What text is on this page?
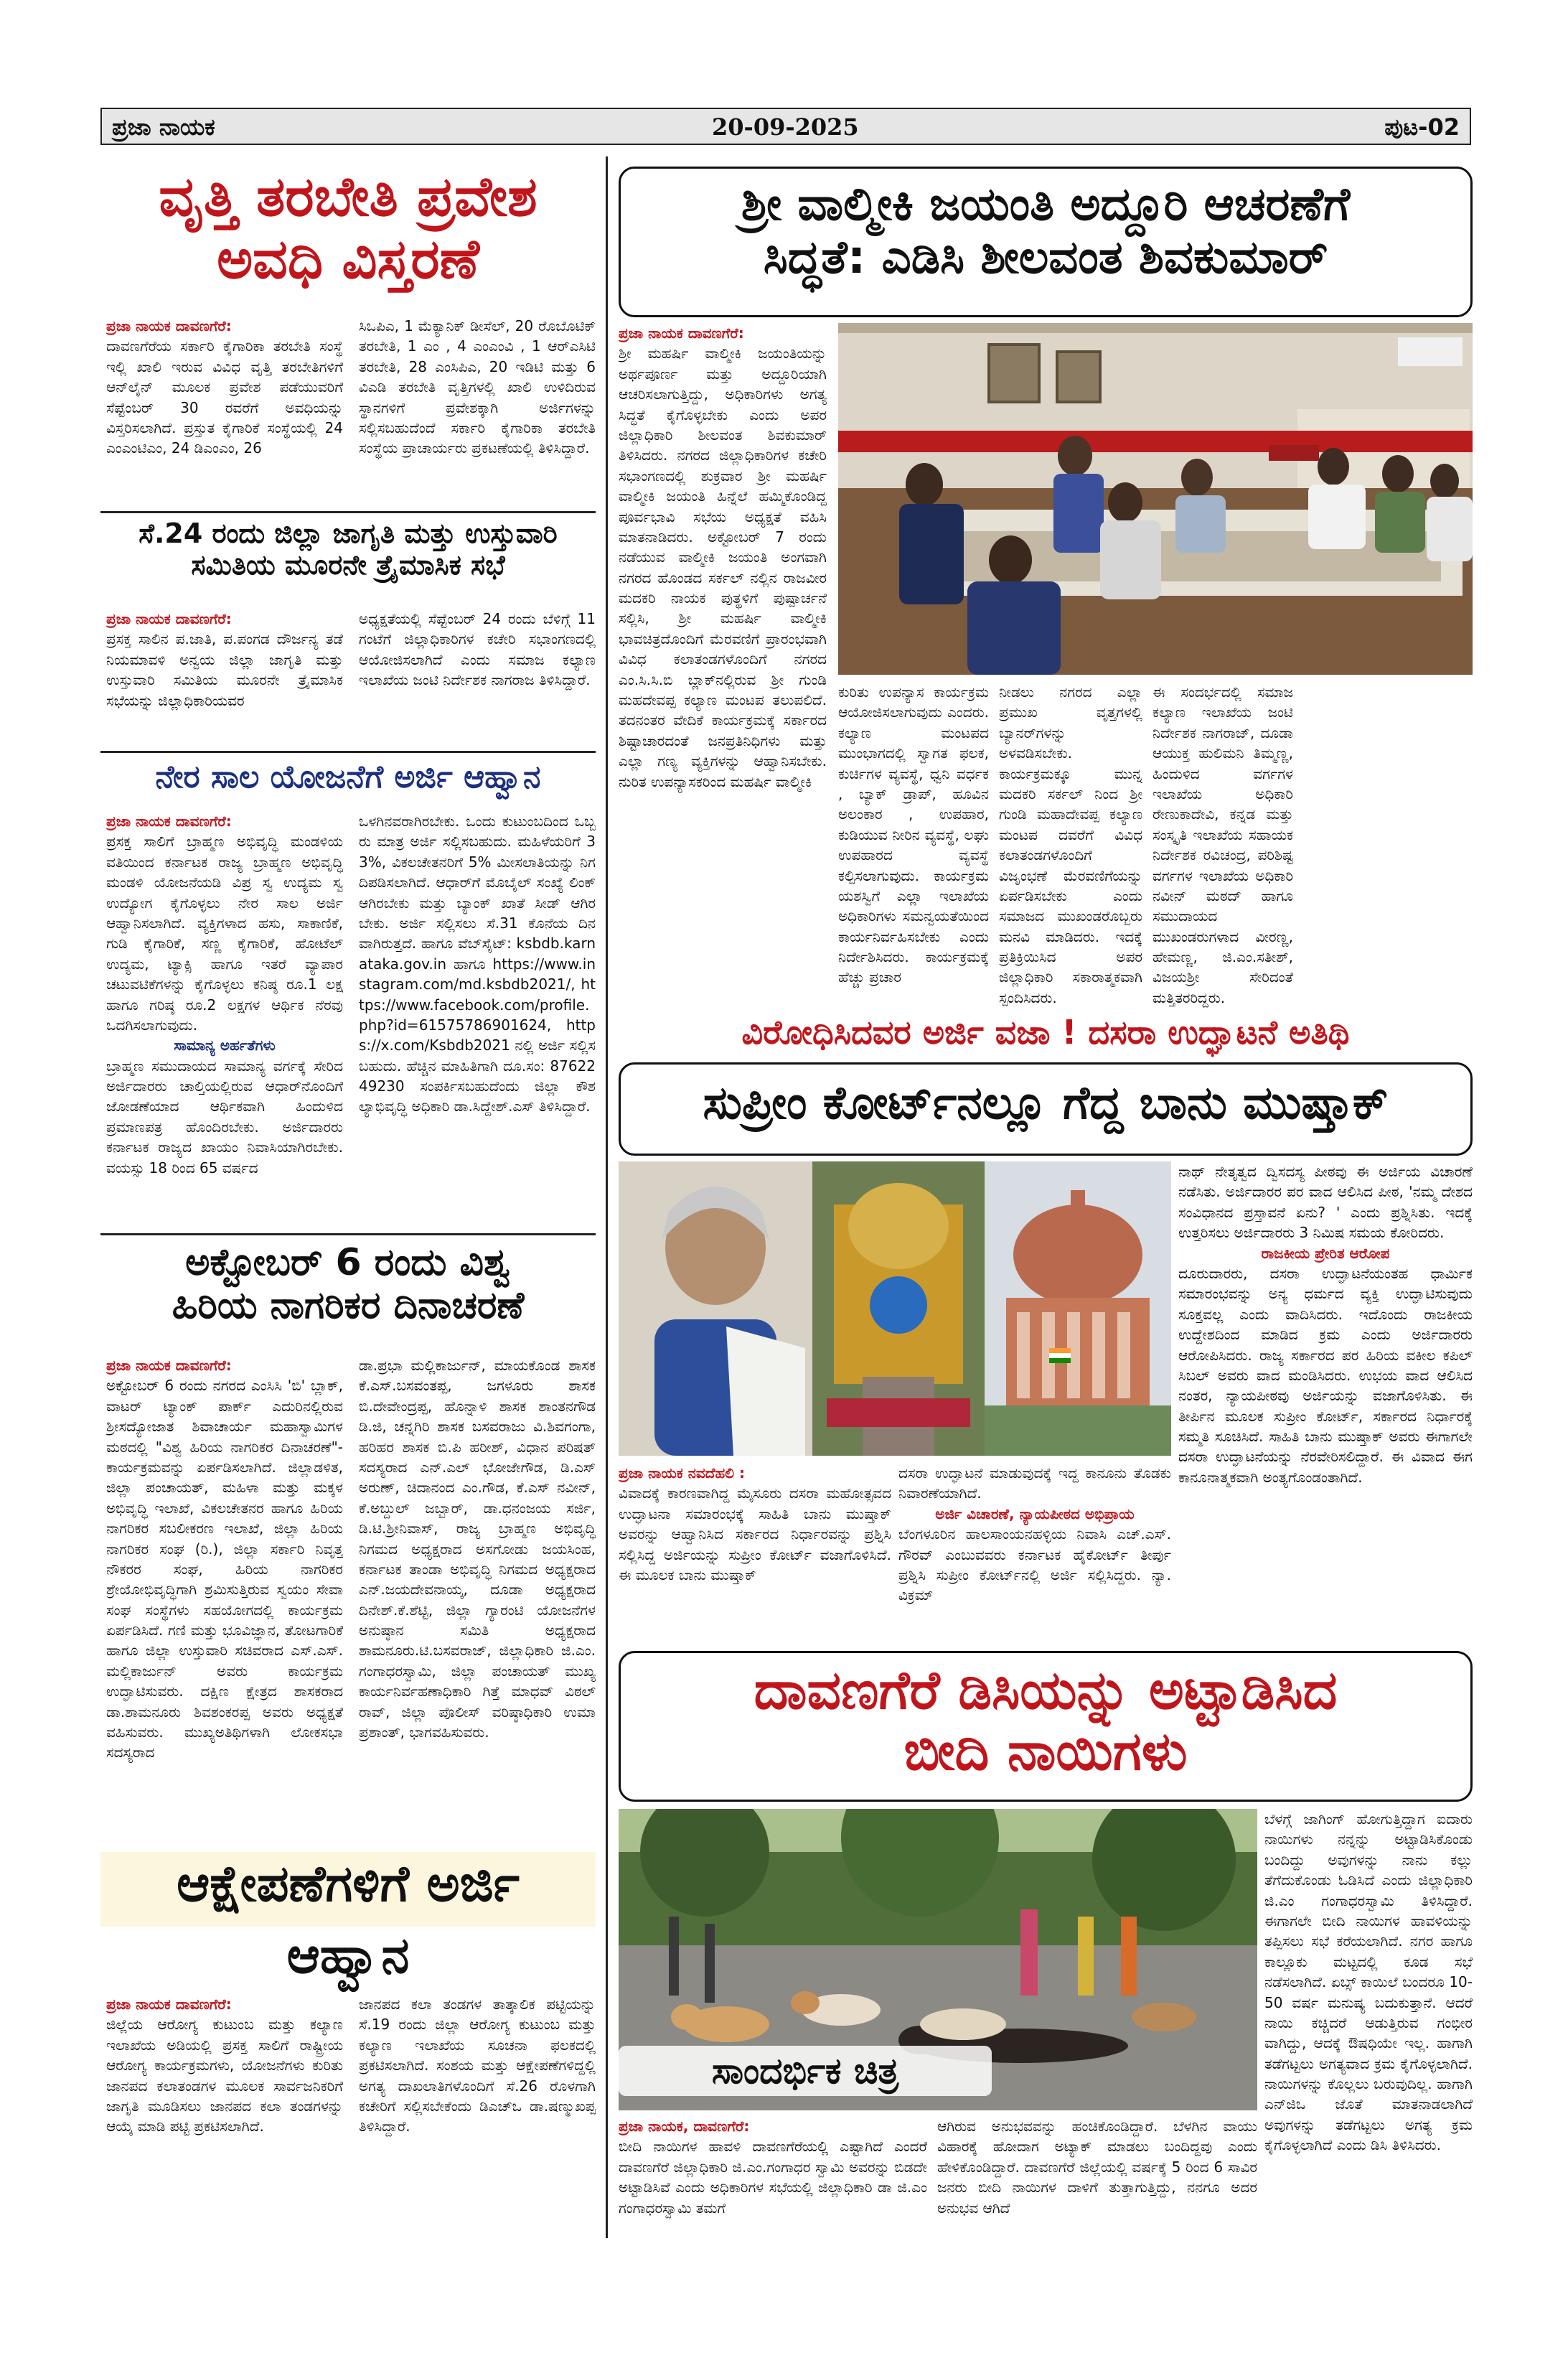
ಪ್ರಜಾ ನಾಯಕ	20-09-2025	ಪುಟ-02
ವೃತ್ತಿ ತರಬೇತಿ ಪ್ರವೇಶ
ಅವಧಿ ವಿಸ್ತರಣೆ
ಪ್ರಜಾ ನಾಯಕ ದಾವಣಗೆರೆ:

ದಾವಣಗೆರೆಯ ಸರ್ಕಾರಿ ಕೈಗಾರಿಕಾ ತರಬೇತಿ ಸಂಸ್ಥೆ ಇಲ್ಲಿ ಖಾಲಿ ಇರುವ ವಿವಿಧ ವೃತ್ತಿ ತರಬೇತಿಗಳಿಗೆ ಆನ್‌ಲೈನ್ ಮೂಲಕ ಪ್ರವೇಶ ಪಡೆಯುವರಿಗೆ ಸೆಪ್ಟೆಂಬರ್ 30 ರವರೆಗೆ ಅವಧಿಯನ್ನು ವಿಸ್ತರಿಸಲಾಗಿದೆ. ಪ್ರಸ್ತುತ ಕೈಗಾರಿಕೆ ಸಂಸ್ಥೆಯಲ್ಲಿ 24 ಎಂಎಂಟಿಎಂ, 24 ಡಿಎಂಎಂ, 26

ಸಿಒಪಿಎ, 1 ಮೆಕ್ಯಾನಿಕ್ ಡೀಸೆಲ್, 20 ರೊಬೊಟಿಕ್ ತರಬೇತಿ, 1 ಎಂ , 4 ಎಂಎಂವಿ , 1 ಆರ್‌ಎಸಿಟಿ ತರಬೇತಿ, 28 ಎಂಸಿಪಿಎ, 20 ಇಡಿಟಿ ಮತ್ತು 6 ವಿಎಡಿ ತರಬೇತಿ ವೃತ್ತಿಗಳಲ್ಲಿ ಖಾಲಿ ಉಳಿದಿರುವ ಸ್ಥಾನಗಳಿಗೆ ಪ್ರವೇಶಕ್ಕಾಗಿ ಅರ್ಜಿಗಳನ್ನು ಸಲ್ಲಿಸಬಹುದೆಂದೆ ಸರ್ಕಾರಿ ಕೈಗಾರಿಕಾ ತರಬೇತಿ ಸಂಸ್ಥೆಯ ಪ್ರಾಚಾರ್ಯರು ಪ್ರಕಟಣೆಯಲ್ಲಿ ತಿಳಿಸಿದ್ದಾರೆ.

ಸೆ.24 ರಂದು ಜಿಲ್ಲಾ ಜಾಗೃತಿ ಮತ್ತು ಉಸ್ತುವಾರಿ
ಸಮಿತಿಯ ಮೂರನೇ ತ್ರೈಮಾಸಿಕ ಸಭೆ
ಪ್ರಜಾ ನಾಯಕ ದಾವಣಗೆರೆ:

ಪ್ರಸಕ್ತ ಸಾಲಿನ ಪ.ಜಾತಿ, ಪ.ಪಂಗಡ ದೌರ್ಜನ್ಯ ತಡೆ ನಿಯಮಾವಳಿ ಅನ್ವಯ ಜಿಲ್ಲಾ ಜಾಗೃತಿ ಮತ್ತು ಉಸ್ತುವಾರಿ ಸಮಿತಿಯ ಮೂರನೇ ತ್ರೈಮಾಸಿಕ ಸಭೆಯನ್ನು ಜಿಲ್ಲಾಧಿಕಾರಿಯವರ

ಅಧ್ಯಕ್ಷತೆಯಲ್ಲಿ ಸೆಪ್ಟೆಂಬರ್ 24 ರಂದು ಬೆಳಿಗ್ಗೆ 11 ಗಂಟೆಗೆ ಜಿಲ್ಲಾಧಿಕಾರಿಗಳ ಕಚೇರಿ ಸಭಾಂಗಣದಲ್ಲಿ ಆಯೋಜಿಸಲಾಗಿದೆ ಎಂದು ಸಮಾಜ ಕಲ್ಯಾಣ ಇಲಾಖೆಯ ಜಂಟಿ ನಿರ್ದೇಶಕ ನಾಗರಾಜ ತಿಳಿಸಿದ್ದಾರೆ.

ನೇರ ಸಾಲ ಯೋಜನೆಗೆ ಅರ್ಜಿ ಆಹ್ವಾನ
ಪ್ರಜಾ ನಾಯಕ ದಾವಣಗೆರೆ:

ಪ್ರಸಕ್ತ ಸಾಲಿಗೆ ಬ್ರಾಹ್ಮಣ ಅಭಿವೃದ್ಧಿ ಮಂಡಳಿಯ ವತಿಯಿಂದ ಕರ್ನಾಟಕ ರಾಜ್ಯ ಬ್ರಾಹ್ಮಣ ಅಭಿವೃದ್ಧಿ ಮಂಡಳಿ ಯೋಜನೆಯಡಿ ವಿಪ್ರ ಸ್ವ ಉದ್ಯಮ ಸ್ವ ಉದ್ಯೋಗ ಕೈಗೊಳ್ಳಲು ನೇರ ಸಾಲ ಅರ್ಜಿ ಆಹ್ವಾನಿಸಲಾಗಿದೆ. ವ್ಯಕ್ತಿಗಳಾದ ಹಸು, ಸಾಕಾಣಿಕೆ, ಗುಡಿ ಕೈಗಾರಿಕೆ, ಸಣ್ಣ ಕೈಗಾರಿಕೆ, ಹೋಟೆಲ್ ಉದ್ಯಮ, ಟ್ಯಾಕ್ಸಿ ಹಾಗೂ ಇತರೆ ವ್ಯಾಪಾರ ಚಟುವಟಿಕೆಗಳನ್ನು ಕೈಗೊಳ್ಳಲು ಕನಿಷ್ಠ ರೂ.1 ಲಕ್ಷ ಹಾಗೂ ಗರಿಷ್ಠ ರೂ.2 ಲಕ್ಷಗಳ ಆರ್ಥಿಕ ನೆರವು ಒದಗಿಸಲಾಗುವುದು.

ಸಾಮಾನ್ಯ ಅರ್ಹತೆಗಳು

ಬ್ರಾಹ್ಮಣ ಸಮುದಾಯದ ಸಾಮಾನ್ಯ ವರ್ಗಕ್ಕೆ ಸೇರಿದ ಅರ್ಜಿದಾರರು ಚಾಲ್ತಿಯಲ್ಲಿರುವ ಆಧಾರ್‌ನೊಂದಿಗೆ ಜೋಡಣೆಯಾದ ಆರ್ಥಿಕವಾಗಿ ಹಿಂದುಳಿದ ಪ್ರಮಾಣಪತ್ರ ಹೊಂದಿರಬೇಕು. ಅರ್ಜಿದಾರರು ಕರ್ನಾಟಕ ರಾಜ್ಯದ ಖಾಯಂ ನಿವಾಸಿಯಾಗಿರಬೇಕು. ವಯಸ್ಸು 18 ರಿಂದ 65 ವರ್ಷದ

ಒಳಗಿನವರಾಗಿರಬೇಕು. ಒಂದು ಕುಟುಂಬದಿಂದ ಒಬ್ಬರು ಮಾತ್ರ ಅರ್ಜಿ ಸಲ್ಲಿಸಬಹುದು. ಮಹಿಳೆಯರಿಗೆ 33%, ವಿಕಲಚೇತನರಿಗೆ 5% ಮೀಸಲಾತಿಯನ್ನು ನಿಗದಿಪಡಿಸಲಾಗಿದೆ. ಆಧಾರ್‌ಗೆ ಮೊಬೈಲ್ ಸಂಖ್ಯೆ ಲಿಂಕ್ ಆಗಿರಬೇಕು ಮತ್ತು ಬ್ಯಾಂಕ್ ಖಾತೆ ಸೀಡ್ ಆಗಿರಬೇಕು. ಅರ್ಜಿ ಸಲ್ಲಿಸಲು ಸೆ.31 ಕೊನೆಯ ದಿನವಾಗಿರುತ್ತದೆ. ಹಾಗೂ ವೆಬ್‌ಸೈಟ್: ksbdb.karnataka.gov.in ಹಾಗೂ https://www.instagram.com/md.ksbdb2021/, https://www.facebook.com/profile.php?id=61575786901624, https://x.com/Ksbdb2021 ನಲ್ಲಿ ಅರ್ಜಿ ಸಲ್ಲಿಸಬಹುದು. ಹೆಚ್ಚಿನ ಮಾಹಿತಿಗಾಗಿ ದೂ.ಸಂ: 8762249230 ಸಂಪರ್ಕಿಸಬಹುದೆಂದು ಜಿಲ್ಲಾ ಕೌಶಲ್ಯಾಭಿವೃದ್ಧಿ ಅಧಿಕಾರಿ ಡಾ.ಸಿದ್ದೇಶ್.ಎಸ್ ತಿಳಿಸಿದ್ದಾರೆ.

ಅಕ್ಟೋಬರ್ 6 ರಂದು ವಿಶ್ವ
ಹಿರಿಯ ನಾಗರಿಕರ ದಿನಾಚರಣೆ
ಪ್ರಜಾ ನಾಯಕ ದಾವಣಗೆರೆ:

ಅಕ್ಟೋಬರ್ 6 ರಂದು ನಗರದ ಎಂಸಿಸಿ 'ಬಿ' ಬ್ಲಾಕ್, ವಾಟರ್ ಟ್ಯಾಂಕ್ ಪಾರ್ಕ್ ಎದುರಿನಲ್ಲಿರುವ ಶ್ರೀಸದ್ಯೋಜಾತ ಶಿವಾಚಾರ್ಯ ಮಹಾಸ್ವಾಮಿಗಳ ಮಠದಲ್ಲಿ "ವಿಶ್ವ ಹಿರಿಯ ನಾಗರಿಕರ ದಿನಾಚರಣೆ"- ಕಾರ್ಯಕ್ರಮವನ್ನು ಏರ್ಪಡಿಸಲಾಗಿದೆ. ಜಿಲ್ಲಾಡಳಿತ, ಜಿಲ್ಲಾ ಪಂಚಾಯತ್, ಮಹಿಳಾ ಮತ್ತು ಮಕ್ಕಳ ಅಭಿವೃದ್ಧಿ ಇಲಾಖೆ, ವಿಕಲಚೇತನರ ಹಾಗೂ ಹಿರಿಯ ನಾಗರಿಕರ ಸಬಲೀಕರಣ ಇಲಾಖೆ, ಜಿಲ್ಲಾ ಹಿರಿಯ ನಾಗರಿಕರ ಸಂಘ (ರಿ.), ಜಿಲ್ಲಾ ಸರ್ಕಾರಿ ನಿವೃತ್ತ ನೌಕರರ ಸಂಘ, ಹಿರಿಯ ನಾಗರಿಕರ ಶ್ರೇಯೋಭಿವೃದ್ಧಿಗಾಗಿ ಶ್ರಮಿಸುತ್ತಿರುವ ಸ್ವಯಂ ಸೇವಾ ಸಂಘ ಸಂಸ್ಥೆಗಳು ಸಹಯೋಗದಲ್ಲಿ ಕಾರ್ಯಕ್ರಮ ಏರ್ಪಡಿಸಿದೆ. ಗಣಿ ಮತ್ತು ಭೂವಿಜ್ಞಾನ, ತೋಟಗಾರಿಕೆ ಹಾಗೂ ಜಿಲ್ಲಾ ಉಸ್ತುವಾರಿ ಸಚಿವರಾದ ಎಸ್.ಎಸ್. ಮಲ್ಲಿಕಾರ್ಜುನ್ ಅವರು ಕಾರ್ಯಕ್ರಮ ಉದ್ಘಾಟಿಸುವರು. ದಕ್ಷಿಣ ಕ್ಷೇತ್ರದ ಶಾಸಕರಾದ ಡಾ.ಶಾಮನೂರು ಶಿವಶಂಕರಪ್ಪ ಅವರು ಅಧ್ಯಕ್ಷತೆ ವಹಿಸುವರು. ಮುಖ್ಯಅತಿಥಿಗಳಾಗಿ ಲೋಕಸಭಾ ಸದಸ್ಯರಾದ

ಡಾ.ಪ್ರಭಾ ಮಲ್ಲಿಕಾರ್ಜುನ್, ಮಾಯಕೊಂಡ ಶಾಸಕ ಕೆ.ಎಸ್.ಬಸವಂತಪ್ಪ, ಜಗಳೂರು ಶಾಸಕ ಬಿ.ದೇವೇಂದ್ರಪ್ಪ, ಹೊನ್ನಾಳಿ ಶಾಸಕ ಶಾಂತನಗೌಡ ಡಿ.ಜಿ, ಚನ್ನಗಿರಿ ಶಾಸಕ ಬಸವರಾಜು ವಿ.ಶಿವಗಂಗಾ, ಹರಿಹರ ಶಾಸಕ ಬಿ.ಪಿ ಹರೀಶ್, ವಿಧಾನ ಪರಿಷತ್ ಸದಸ್ಯರಾದ ಎನ್.ಎಲ್ ಭೋಜೇಗೌಡ, ಡಿ.ಎಸ್ ಅರುಣ್, ಚಿದಾನಂದ ಎಂ.ಗೌಡ, ಕೆ.ಎಸ್ ನವೀನ್, ಕೆ.ಅಬ್ದುಲ್ ಜಬ್ಬಾರ್, ಡಾ.ಧನಂಜಯ ಸರ್ಜಿ, ಡಿ.ಟಿ.ಶ್ರೀನಿವಾಸ್, ರಾಜ್ಯ ಬ್ರಾಹ್ಮಣ ಅಭಿವೃದ್ಧಿ ನಿಗಮದ ಅಧ್ಯಕ್ಷರಾದ ಅಸಗೋಡು ಜಯಸಿಂಹ, ಕರ್ನಾಟಕ ತಾಂಡಾ ಅಭಿವೃದ್ಧಿ ನಿಗಮದ ಅಧ್ಯಕ್ಷರಾದ ಎನ್.ಜಯದೇವನಾಯ್ಕ, ದೂಡಾ ಅಧ್ಯಕ್ಷರಾದ ದಿನೇಶ್.ಕೆ.ಶೆಟ್ಟಿ, ಜಿಲ್ಲಾ ಗ್ಯಾರಂಟಿ ಯೋಜನೆಗಳ ಅನುಷ್ಠಾನ ಸಮಿತಿ ಅಧ್ಯಕ್ಷರಾದ ಶಾಮನೂರು.ಟಿ.ಬಸವರಾಜ್, ಜಿಲ್ಲಾಧಿಕಾರಿ ಜಿ.ಎಂ. ಗಂಗಾಧರಸ್ವಾಮಿ, ಜಿಲ್ಲಾ ಪಂಚಾಯತ್ ಮುಖ್ಯ ಕಾರ್ಯನಿರ್ವಹಣಾಧಿಕಾರಿ ಗಿತ್ತೆ ಮಾಧವ್ ವಿಠಲ್ ರಾವ್, ಜಿಲ್ಲಾ ಪೊಲೀಸ್ ವರಿಷ್ಠಾಧಿಕಾರಿ ಉಮಾ ಪ್ರಶಾಂತ್, ಭಾಗವಹಿಸುವರು.

ಆಕ್ಷೇಪಣೆಗಳಿಗೆ ಅರ್ಜಿ
ಆಹ್ವಾನ
ಪ್ರಜಾ ನಾಯಕ ದಾವಣಗೆರೆ:

ಜಿಲ್ಲೆಯ ಆರೋಗ್ಯ ಕುಟುಂಬ ಮತ್ತು ಕಲ್ಯಾಣ ಇಲಾಖೆಯ ಅಡಿಯಲ್ಲಿ ಪ್ರಸಕ್ತ ಸಾಲಿಗೆ ರಾಷ್ಟ್ರೀಯ ಆರೋಗ್ಯ ಕಾರ್ಯಕ್ರಮಗಳು, ಯೋಜನೆಗಳು ಕುರಿತು ಜಾನಪದ ಕಲಾತಂಡಗಳ ಮೂಲಕ ಸಾರ್ವಜನಿಕರಿಗೆ ಜಾಗೃತಿ ಮೂಡಿಸಲು ಜಾನಪದ ಕಲಾ ತಂಡಗಳನ್ನು ಆಯ್ಕೆ ಮಾಡಿ ಪಟ್ಟಿ ಪ್ರಕಟಿಸಲಾಗಿದೆ.

ಜಾನಪದ ಕಲಾ ತಂಡಗಳ ತಾತ್ಕಾಲಿಕ ಪಟ್ಟಿಯನ್ನು ಸೆ.19 ರಂದು ಜಿಲ್ಲಾ ಆರೋಗ್ಯ ಕುಟುಂಬ ಮತ್ತು ಕಲ್ಯಾಣ ಇಲಾಖೆಯ ಸೂಚನಾ ಫಲಕದಲ್ಲಿ ಪ್ರಕಟಿಸಲಾಗಿದೆ. ಸಂಶಯ ಮತ್ತು ಆಕ್ಷೇಪಣೆಗಳಿದ್ದಲ್ಲಿ ಅಗತ್ಯ ದಾಖಲಾತಿಗಳೊಂದಿಗೆ ಸೆ.26 ರೊಳಗಾಗಿ ಕಚೇರಿಗೆ ಸಲ್ಲಿಸಬೇಕೆಂದು ಡಿಎಚ್‌ಒ ಡಾ.ಷಣ್ಮುಖಪ್ಪ ತಿಳಿಸಿದ್ದಾರೆ.

ಶ್ರೀ ವಾಲ್ಮೀಕಿ ಜಯಂತಿ ಅದ್ದೂರಿ ಆಚರಣೆಗೆ
ಸಿದ್ಧತೆ: ಎಡಿಸಿ ಶೀಲವಂತ ಶಿವಕುಮಾರ್
ಪ್ರಜಾ ನಾಯಕ ದಾವಣಗೆರೆ:

ಶ್ರೀ ಮಹರ್ಷಿ ವಾಲ್ಮೀಕಿ ಜಯಂತಿಯನ್ನು ಅರ್ಥಪೂರ್ಣ ಮತ್ತು ಅದ್ದೂರಿಯಾಗಿ ಆಚರಿಸಲಾಗುತ್ತಿದ್ದು, ಅಧಿಕಾರಿಗಳು ಅಗತ್ಯ ಸಿದ್ಧತೆ ಕೈಗೊಳ್ಳಬೇಕು ಎಂದು ಅಪರ ಜಿಲ್ಲಾಧಿಕಾರಿ ಶೀಲವಂತ ಶಿವಕುಮಾರ್ ತಿಳಿಸಿದರು. ನಗರದ ಜಿಲ್ಲಾಧಿಕಾರಿಗಳ ಕಚೇರಿ ಸಭಾಂಗಣದಲ್ಲಿ ಶುಕ್ರವಾರ ಶ್ರೀ ಮಹರ್ಷಿ ವಾಲ್ಮೀಕಿ ಜಯಂತಿ ಹಿನ್ನೆಲೆ ಹಮ್ಮಿಕೊಂಡಿದ್ದ ಪೂರ್ವಭಾವಿ ಸಭೆಯ ಅಧ್ಯಕ್ಷತೆ ವಹಿಸಿ ಮಾತನಾಡಿದರು. ಅಕ್ಟೋಬರ್ 7 ರಂದು ನಡೆಯುವ ವಾಲ್ಮೀಕಿ ಜಯಂತಿ ಅಂಗವಾಗಿ ನಗರದ ಹೊಂಡದ ಸರ್ಕಲ್ ನಲ್ಲಿನ ರಾಜವೀರ ಮದಕರಿ ನಾಯಕ ಪುತ್ಥಳಿಗೆ ಪುಷ್ಪಾರ್ಚನೆ ಸಲ್ಲಿಸಿ, ಶ್ರೀ ಮಹರ್ಷಿ ವಾಲ್ಮೀಕಿ ಭಾವಚಿತ್ರದೊಂದಿಗೆ ಮೆರವಣಿಗೆ ಪ್ರಾರಂಭವಾಗಿ ವಿವಿಧ ಕಲಾತಂಡಗಳೊಂದಿಗೆ ನಗರದ ಎಂ.ಸಿ.ಸಿ.ಬಿ ಬ್ಲಾಕ್‌ನಲ್ಲಿರುವ ಶ್ರೀ ಗುಂಡಿ ಮಹದೇವಪ್ಪ ಕಲ್ಯಾಣ ಮಂಟಪ ತಲುಪಲಿದೆ. ತದನಂತರ ವೇದಿಕೆ ಕಾರ್ಯಕ್ರಮಕ್ಕೆ ಸರ್ಕಾರದ ಶಿಷ್ಟಾಚಾರದಂತೆ ಜನಪ್ರತಿನಿಧಿಗಳು ಮತ್ತು ಎಲ್ಲಾ ಗಣ್ಯ ವ್ಯಕ್ತಿಗಳನ್ನು ಆಹ್ವಾನಿಸಬೇಕು. ನುರಿತ ಉಪನ್ಯಾಸಕರಿಂದ ಮಹರ್ಷಿ ವಾಲ್ಮೀಕಿ

ಕುರಿತು ಉಪನ್ಯಾಸ ಕಾರ್ಯಕ್ರಮ ಆಯೋಜಿಸಲಾಗುವುದು ಎಂದರು. ಕಲ್ಯಾಣ ಮಂಟಪದ ಮುಂಭಾಗದಲ್ಲಿ ಸ್ವಾಗತ ಫಲಕ, ಕುರ್ಚಿಗಳ ವ್ಯವಸ್ಥೆ, ಧ್ವನಿ ವರ್ಧಕ , ಬ್ಯಾಕ್ ಡ್ರಾಪ್, ಹೂವಿನ ಅಲಂಕಾರ , ಉಪಹಾರ, ಕುಡಿಯುವ ನೀರಿನ ವ್ಯವಸ್ಥೆ, ಲಘು ಉಪಹಾರದ ವ್ಯವಸ್ಥೆ ಕಲ್ಪಿಸಲಾಗುವುದು. ಕಾರ್ಯಕ್ರಮ ಯಶಸ್ವಿಗೆ ಎಲ್ಲಾ ಇಲಾಖೆಯ ಅಧಿಕಾರಿಗಳು ಸಮನ್ವಯತೆಯಿಂದ ಕಾರ್ಯನಿರ್ವಹಿಸಬೇಕು ಎಂದು ನಿರ್ದೇಶಿಸಿದರು. ಕಾರ್ಯಕ್ರಮಕ್ಕೆ ಹೆಚ್ಚು ಪ್ರಚಾರ

ನೀಡಲು ನಗರದ ಎಲ್ಲಾ ಪ್ರಮುಖ ವೃತ್ತಗಳಲ್ಲಿ ಬ್ಯಾನರ್‌ಗಳನ್ನು ಅಳವಡಿಸಬೇಕು. ಕಾರ್ಯಕ್ರಮಕ್ಕೂ ಮುನ್ನ ಮದಕರಿ ಸರ್ಕಲ್ ನಿಂದ ಶ್ರೀ ಗುಂಡಿ ಮಹಾದೇವಪ್ಪ ಕಲ್ಯಾಣ ಮಂಟಪ ದವರೆಗೆ ವಿವಿಧ ಕಲಾತಂಡಗಳೊಂದಿಗೆ ವಿಜೃಂಭಣೆ ಮೆರವಣಿಗೆಯನ್ನು ಏರ್ಪಡಿಸಬೇಕು ಎಂದು ಸಮಾಜದ ಮುಖಂಡರೊಬ್ಬರು ಮನವಿ ಮಾಡಿದರು. ಇದಕ್ಕೆ ಪ್ರತಿಕ್ರಿಯಿಸಿದ ಅಪರ ಜಿಲ್ಲಾಧಿಕಾರಿ ಸಕಾರಾತ್ಮಕವಾಗಿ ಸ್ಪಂದಿಸಿದರು.

ಈ ಸಂದರ್ಭದಲ್ಲಿ ಸಮಾಜ ಕಲ್ಯಾಣ ಇಲಾಖೆಯ ಜಂಟಿ ನಿರ್ದೇಶಕ ನಾಗರಾಜ್, ದೂಡಾ ಆಯುಕ್ತ ಹುಲಿಮನಿ ತಿಮ್ಮಣ್ಣ, ಹಿಂದುಳಿದ ವರ್ಗಗಳ ಇಲಾಖೆಯ ಅಧಿಕಾರಿ ರೇಣುಕಾದೇವಿ, ಕನ್ನಡ ಮತ್ತು ಸಂಸ್ಕೃತಿ ಇಲಾಖೆಯ ಸಹಾಯಕ ನಿರ್ದೇಶಕ ರವಿಚಂದ್ರ, ಪರಿಶಿಷ್ಟ ವರ್ಗಗಳ ಇಲಾಖೆಯ ಅಧಿಕಾರಿ ನವೀನ್ ಮಠದ್ ಹಾಗೂ ಸಮುದಾಯದ ಮುಖಂಡರುಗಳಾದ ವೀರಣ್ಣ, ಹೇಮಣ್ಣ, ಜಿ.ಎಂ.ಸತೀಶ್, ವಿಜಯಶ್ರೀ ಸೇರಿದಂತೆ ಮತ್ತಿತರರಿದ್ದರು.

ವಿರೋಧಿಸಿದವರ ಅರ್ಜಿ ವಜಾ ! ದಸರಾ ಉದ್ಘಾಟನೆ ಅತಿಥಿ
ಸುಪ್ರೀಂ ಕೋರ್ಟ್‌ನಲ್ಲೂ ಗೆದ್ದ ಬಾನು ಮುಷ್ತಾಕ್
ಪ್ರಜಾ ನಾಯಕ ನವದೆಹಲಿ :

ವಿವಾದಕ್ಕೆ ಕಾರಣವಾಗಿದ್ದ ಮೈಸೂರು ದಸರಾ ಮಹೋತ್ಸವದ ಉದ್ಘಾಟನಾ ಸಮಾರಂಭಕ್ಕೆ ಸಾಹಿತಿ ಬಾನು ಮುಷ್ತಾಕ್ ಅವರನ್ನು ಆಹ್ವಾನಿಸಿದ ಸರ್ಕಾರದ ನಿರ್ಧಾರವನ್ನು ಪ್ರಶ್ನಿಸಿ ಸಲ್ಲಿಸಿದ್ದ ಅರ್ಜಿಯನ್ನು ಸುಪ್ರೀಂ ಕೋರ್ಟ್ ವಜಾಗೊಳಿಸಿದೆ. ಈ ಮೂಲಕ ಬಾನು ಮುಷ್ತಾಕ್

ದಸರಾ ಉದ್ಘಾಟನೆ ಮಾಡುವುದಕ್ಕೆ ಇದ್ದ ಕಾನೂನು ತೊಡಕು ನಿವಾರಣೆಯಾಗಿದೆ.

ಅರ್ಜಿ ವಿಚಾರಣೆ, ನ್ಯಾಯಪೀಠದ ಅಭಿಪ್ರಾಯ

ಬೆಂಗಳೂರಿನ ಹಾಲಸಾಂಯನಹಳ್ಳಿಯ ನಿವಾಸಿ ಎಚ್.ಎಸ್. ಗೌರವ್ ಎಂಬುವವರು ಕರ್ನಾಟಕ ಹೈಕೋರ್ಟ್ ತೀರ್ಪು ಪ್ರಶ್ನಿಸಿ ಸುಪ್ರೀಂ ಕೋರ್ಟ್‌ನಲ್ಲಿ ಅರ್ಜಿ ಸಲ್ಲಿಸಿದ್ದರು. ನ್ಯಾ. ವಿಕ್ರಮ್

ನಾಥ್ ನೇತೃತ್ವದ ದ್ವಿಸದಸ್ಯ ಪೀಠವು ಈ ಅರ್ಜಿಯ ವಿಚಾರಣೆ ನಡೆಸಿತು. ಅರ್ಜಿದಾರರ ಪರ ವಾದ ಆಲಿಸಿದ ಪೀಠ, 'ನಮ್ಮ ದೇಶದ ಸಂವಿಧಾನದ ಪ್ರಸ್ತಾವನೆ ಏನು? ' ಎಂದು ಪ್ರಶ್ನಿಸಿತು. ಇದಕ್ಕೆ ಉತ್ತರಿಸಲು ಅರ್ಜಿದಾರರು 3 ನಿಮಿಷ ಸಮಯ ಕೋರಿದರು.

ರಾಜಕೀಯ ಪ್ರೇರಿತ ಆರೋಪ

ದೂರುದಾರರು, ದಸರಾ ಉದ್ಘಾಟನೆಯಂತಹ ಧಾರ್ಮಿಕ ಸಮಾರಂಭವನ್ನು ಅನ್ಯ ಧರ್ಮದ ವ್ಯಕ್ತಿ ಉದ್ಘಾಟಿಸುವುದು ಸೂಕ್ತವಲ್ಲ ಎಂದು ವಾದಿಸಿದರು. ಇದೊಂದು ರಾಜಕೀಯ ಉದ್ದೇಶದಿಂದ ಮಾಡಿದ ಕ್ರಮ ಎಂದು ಅರ್ಜಿದಾರರು ಆರೋಪಿಸಿದರು. ರಾಜ್ಯ ಸರ್ಕಾರದ ಪರ ಹಿರಿಯ ವಕೀಲ ಕಪಿಲ್ ಸಿಬಲ್ ಅವರು ವಾದ ಮಂಡಿಸಿದರು. ಉಭಯ ವಾದ ಆಲಿಸಿದ ನಂತರ, ನ್ಯಾಯಪೀಠವು ಅರ್ಜಿಯನ್ನು ವಜಾಗೊಳಿಸಿತು. ಈ ತೀರ್ಪಿನ ಮೂಲಕ ಸುಪ್ರೀಂ ಕೋರ್ಟ್, ಸರ್ಕಾರದ ನಿರ್ಧಾರಕ್ಕೆ ಸಮ್ಮತಿ ಸೂಚಿಸಿದೆ. ಸಾಹಿತಿ ಬಾನು ಮುಷ್ತಾಕ್ ಅವರು ಈಗಾಗಲೇ ದಸರಾ ಉದ್ಘಾಟನೆಯನ್ನು ನೆರವೇರಿಸಲಿದ್ದಾರೆ. ಈ ವಿವಾದ ಈಗ ಕಾನೂನಾತ್ಮಕವಾಗಿ ಅಂತ್ಯಗೊಂಡಂತಾಗಿದೆ.

ದಾವಣಗೆರೆ ಡಿಸಿಯನ್ನು ಅಟ್ಟಾಡಿಸಿದ
ಬೀದಿ ನಾಯಿಗಳು
ಸಾಂದರ್ಭಿಕ ಚಿತ್ರ

ಬೆಳಗ್ಗೆ ಜಾಗಿಂಗ್ ಹೋಗುತ್ತಿದ್ದಾಗ ಐದಾರು ನಾಯಿಗಳು ನನ್ನನ್ನು ಅಟ್ಟಾಡಿಸಿಕೊಂಡು ಬಂದಿದ್ದು ಅವುಗಳನ್ನು ನಾನು ಕಲ್ಲು ತೆಗೆದುಕೊಂಡು ಓಡಿಸಿದೆ ಎಂದು ಜಿಲ್ಲಾಧಿಕಾರಿ ಜಿ.ಎಂ ಗಂಗಾಧರಸ್ವಾಮಿ ತಿಳಿಸಿದ್ದಾರೆ. ಈಗಾಗಲೇ ಬೀದಿ ನಾಯಿಗಳ ಹಾವಳಿಯನ್ನು ತಪ್ಪಿಸಲು ಸಭೆ ಕರೆಯಲಾಗಿದೆ. ನಗರ ಹಾಗೂ ಕಾಲ್ಲೂಕು ಮಟ್ಟದಲ್ಲಿ ಕೂಡ ಸಭೆ ನಡೆಸಲಾಗಿದೆ. ಏಬ್ಸ್ ಕಾಯಿಲೆ ಬಂದರೂ 10-50 ವರ್ಷ ಮನುಷ್ಯ ಬದುಕುತ್ತಾನೆ. ಆದರೆ ನಾಯಿ ಕಚ್ಚಿದರೆ ಆಡುತ್ತಿರುವ ಗಂಭೀರ ವಾಗಿದ್ದು, ಆದಕ್ಕೆ ಔಷಧಿಯೇ ಇಲ್ಲ. ಹಾಗಾಗಿ ತಡೆಗಟ್ಟಲು ಅಗತ್ಯವಾದ ಕ್ರಮ ಕೈಗೊಳ್ಳಲಾಗಿದೆ. ನಾಯಿಗಳನ್ನು ಕೊಲ್ಲಲು ಬರುವುದಿಲ್ಲ. ಹಾಗಾಗಿ ಎನ್‌ಜಿಒ ಜೊತೆ ಮಾತನಾಡಲಾಗಿದೆ ಅವುಗಳನ್ನು ತಡೆಗಟ್ಟಲು ಅಗತ್ಯ ಕ್ರಮ ಕೈಗೊಳ್ಳಲಾಗಿದೆ ಎಂದು ಡಿಸಿ ತಿಳಿಸಿದರು.

ಪ್ರಜಾ ನಾಯಕ, ದಾವಣಗೆರೆ:

ಬೀದಿ ನಾಯಿಗಳ ಹಾವಳಿ ದಾವಣಗೆರೆಯಲ್ಲಿ ಎಷ್ಟಾಗಿದೆ ಎಂದರೆ ದಾವಣಗೆರೆ ಜಿಲ್ಲಾಧಿಕಾರಿ ಜಿ.ಎಂ.ಗಂಗಾಧರ ಸ್ವಾಮಿ ಅವರನ್ನು ಬಿಡದೇ ಅಟ್ಟಾಡಿಸಿವೆ ಎಂದು ಅಧಿಕಾರಿಗಳ ಸಭೆಯಲ್ಲಿ ಜಿಲ್ಲಾಧಿಕಾರಿ ಡಾ ಜಿ.ಎಂ ಗಂಗಾಧರಸ್ವಾಮಿ ತಮಗೆ

ಆಗಿರುವ ಅನುಭವವನ್ನು ಹಂಚಿಕೊಂಡಿದ್ದಾರೆ. ಬೆಳಗಿನ ವಾಯು ವಿಹಾರಕ್ಕೆ ಹೋದಾಗ ಅಟ್ಯಾಕ್ ಮಾಡಲು ಬಂದಿದ್ದವು ಎಂದು ಹೇಳಿಕೊಂಡಿದ್ದಾರೆ. ದಾವಣಗೆರೆ ಜಿಲ್ಲೆಯಲ್ಲಿ ವರ್ಷಕ್ಕೆ 5 ರಿಂದ 6 ಸಾವಿರ ಜನರು ಬೀದಿ ನಾಯಿಗಳ ದಾಳಿಗೆ ತುತ್ತಾಗುತ್ತಿದ್ದು, ನನಗೂ ಅದರ ಅನುಭವ ಆಗಿದೆ
